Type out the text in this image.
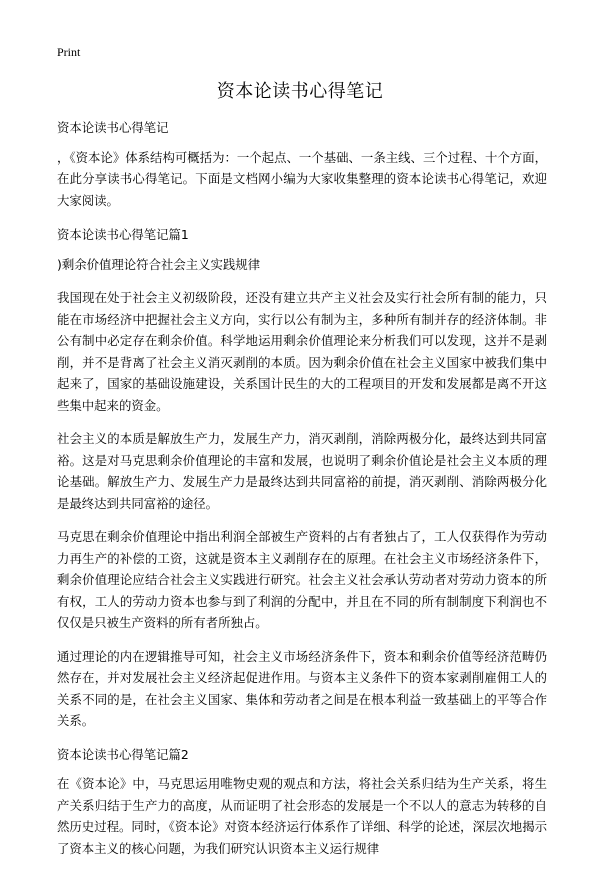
Print
资本论读书心得笔记

资本论读书心得笔记

，《资本论》体系结构可概括为：一个起点、一个基础、一条主线、三个过程、十个方面，在此分享读书心得笔记。下面是文档网小编为大家收集整理的资本论读书心得笔记，欢迎大家阅读。

资本论读书心得笔记篇1

)剩余价值理论符合社会主义实践规律

我国现在处于社会主义初级阶段，还没有建立共产主义社会及实行社会所有制的能力，只能在市场经济中把握社会主义方向，实行以公有制为主，多种所有制并存的经济体制。非公有制中必定存在剩余价值。科学地运用剩余价值理论来分析我们可以发现，这并不是剥削，并不是背离了社会主义消灭剥削的本质。因为剩余价值在社会主义国家中被我们集中起来了，国家的基础设施建设，关系国计民生的大的工程项目的开发和发展都是离不开这些集中起来的资金。

社会主义的本质是解放生产力，发展生产力，消灭剥削，消除两极分化，最终达到共同富裕。这是对马克思剩余价值理论的丰富和发展，也说明了剩余价值论是社会主义本质的理论基础。解放生产力、发展生产力是最终达到共同富裕的前提，消灭剥削、消除两极分化是最终达到共同富裕的途径。

马克思在剩余价值理论中指出利润全部被生产资料的占有者独占了，工人仅获得作为劳动力再生产的补偿的工资，这就是资本主义剥削存在的原理。在社会主义市场经济条件下，剩余价值理论应结合社会主义实践进行研究。社会主义社会承认劳动者对劳动力资本的所有权，工人的劳动力资本也参与到了利润的分配中，并且在不同的所有制制度下利润也不仅仅是只被生产资料的所有者所独占。

通过理论的内在逻辑推导可知，社会主义市场经济条件下，资本和剩余价值等经济范畴仍然存在，并对发展社会主义经济起促进作用。与资本主义条件下的资本家剥削雇佣工人的关系不同的是，在社会主义国家、集体和劳动者之间是在根本利益一致基础上的平等合作关系。

资本论读书心得笔记篇2

在《资本论》中，马克思运用唯物史观的观点和方法，将社会关系归结为生产关系，将生产关系归结于生产力的高度，从而证明了社会形态的发展是一个不以人的意志为转移的自然历史过程。同时，《资本论》对资本经济运行体系作了详细、科学的论述，深层次地揭示了资本主义的核心问题，为我们研究认识资本主义运行规律
